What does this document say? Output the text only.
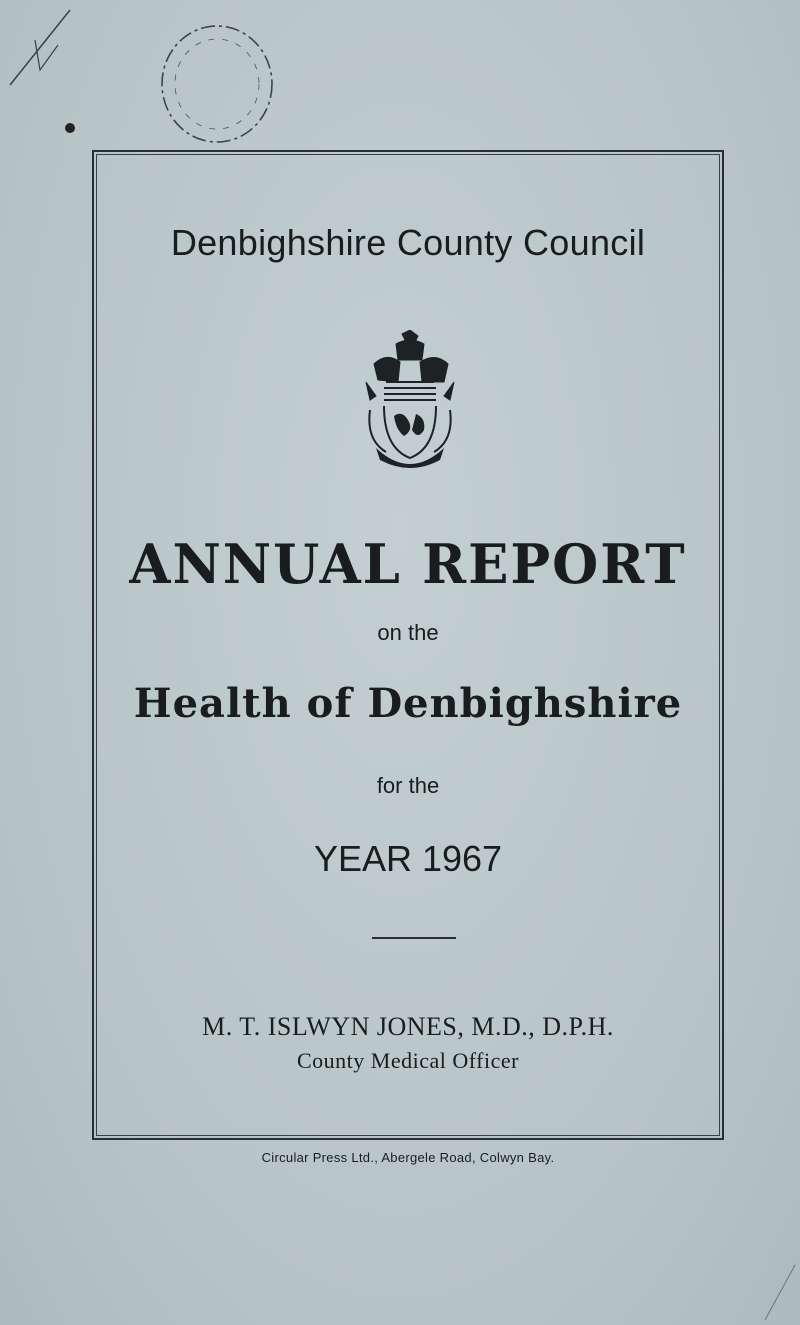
Denbighshire County Council
ANNUAL REPORT
on the
Health of Denbighshire
for the
YEAR 1967
M. T. ISLWYN JONES, M.D., D.P.H.
County Medical Officer
Circular Press Ltd., Abergele Road, Colwyn Bay.
